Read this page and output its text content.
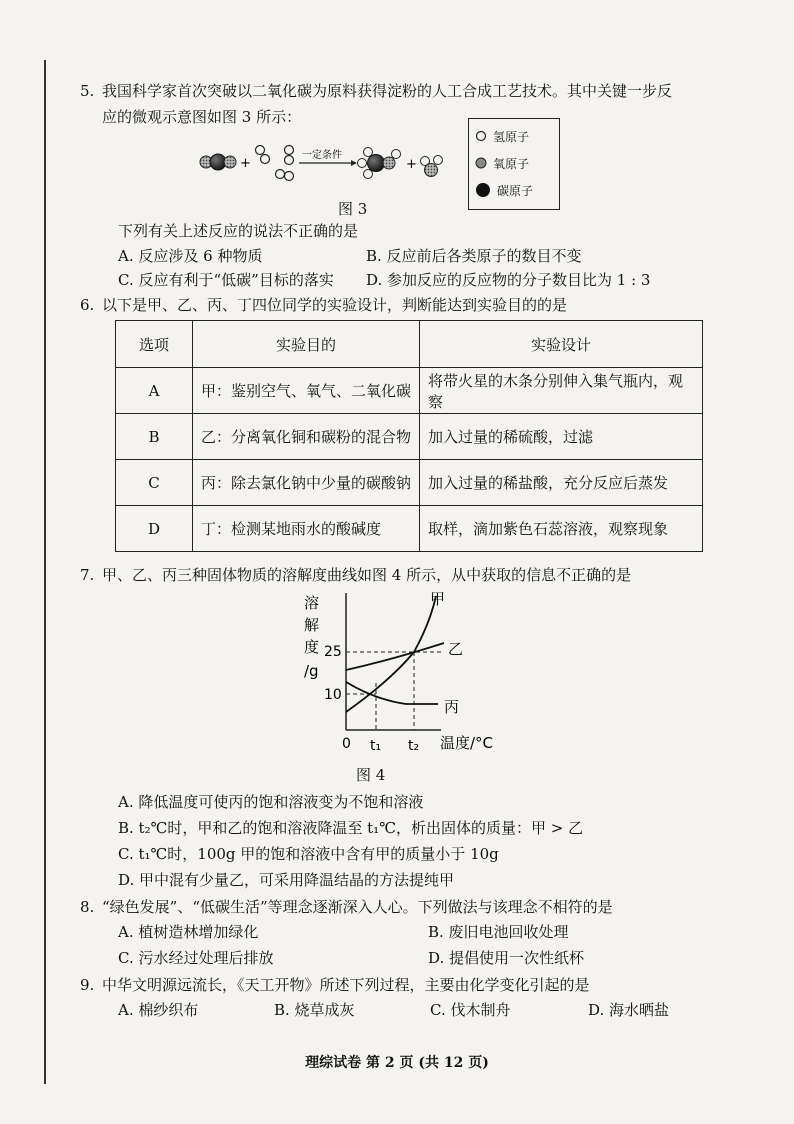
5. 我国科学家首次突破以二氧化碳为原料获得淀粉的人工合成工艺技术。其中关键一步反
应的微观示意图如图 3 所示：
+
一定条件
+
氢原子
氧原子
碳原子
图 3
下列有关上述反应的说法不正确的是
A. 反应涉及 6 种物质	B. 反应前后各类原子的数目不变
C. 反应有利于“低碳”目标的落实 D. 参加反应的反应物的分子数目比为 1 : 3
6. 以下是甲、乙、丙、丁四位同学的实验设计，判断能达到实验目的的是
选项	实验目的	实验设计
A	甲：鉴别空气、氧气、二氧化碳	将带火星的木条分别伸入集气瓶内，观察
B	乙：分离氧化铜和碳粉的混合物	加入过量的稀硫酸，过滤
C	丙：除去氯化钠中少量的碳酸钠	加入过量的稀盐酸，充分反应后蒸发
D	丁：检测某地雨水的酸碱度	取样，滴加紫色石蕊溶液，观察现象
7. 甲、乙、丙三种固体物质的溶解度曲线如图 4 所示，从中获取的信息不正确的是
溶
解
度
/g
25
10
0 t₁ t₂ 温度/°C
甲
乙
丙
图 4
A. 降低温度可使丙的饱和溶液变为不饱和溶液
B. t₂℃时，甲和乙的饱和溶液降温至 t₁℃，析出固体的质量：甲 > 乙
C. t₁℃时，100g 甲的饱和溶液中含有甲的质量小于 10g
D. 甲中混有少量乙，可采用降温结晶的方法提纯甲
8. “绿色发展”、“低碳生活”等理念逐渐深入人心。下列做法与该理念不相符的是
A. 植树造林增加绿化	B. 废旧电池回收处理
C. 污水经过处理后排放	D. 提倡使用一次性纸杯
9. 中华文明源远流长，《天工开物》所述下列过程，主要由化学变化引起的是
A. 棉纱织布	B. 烧草成灰	C. 伐木制舟	D. 海水晒盐
理综试卷 第 2 页 (共 12 页)
